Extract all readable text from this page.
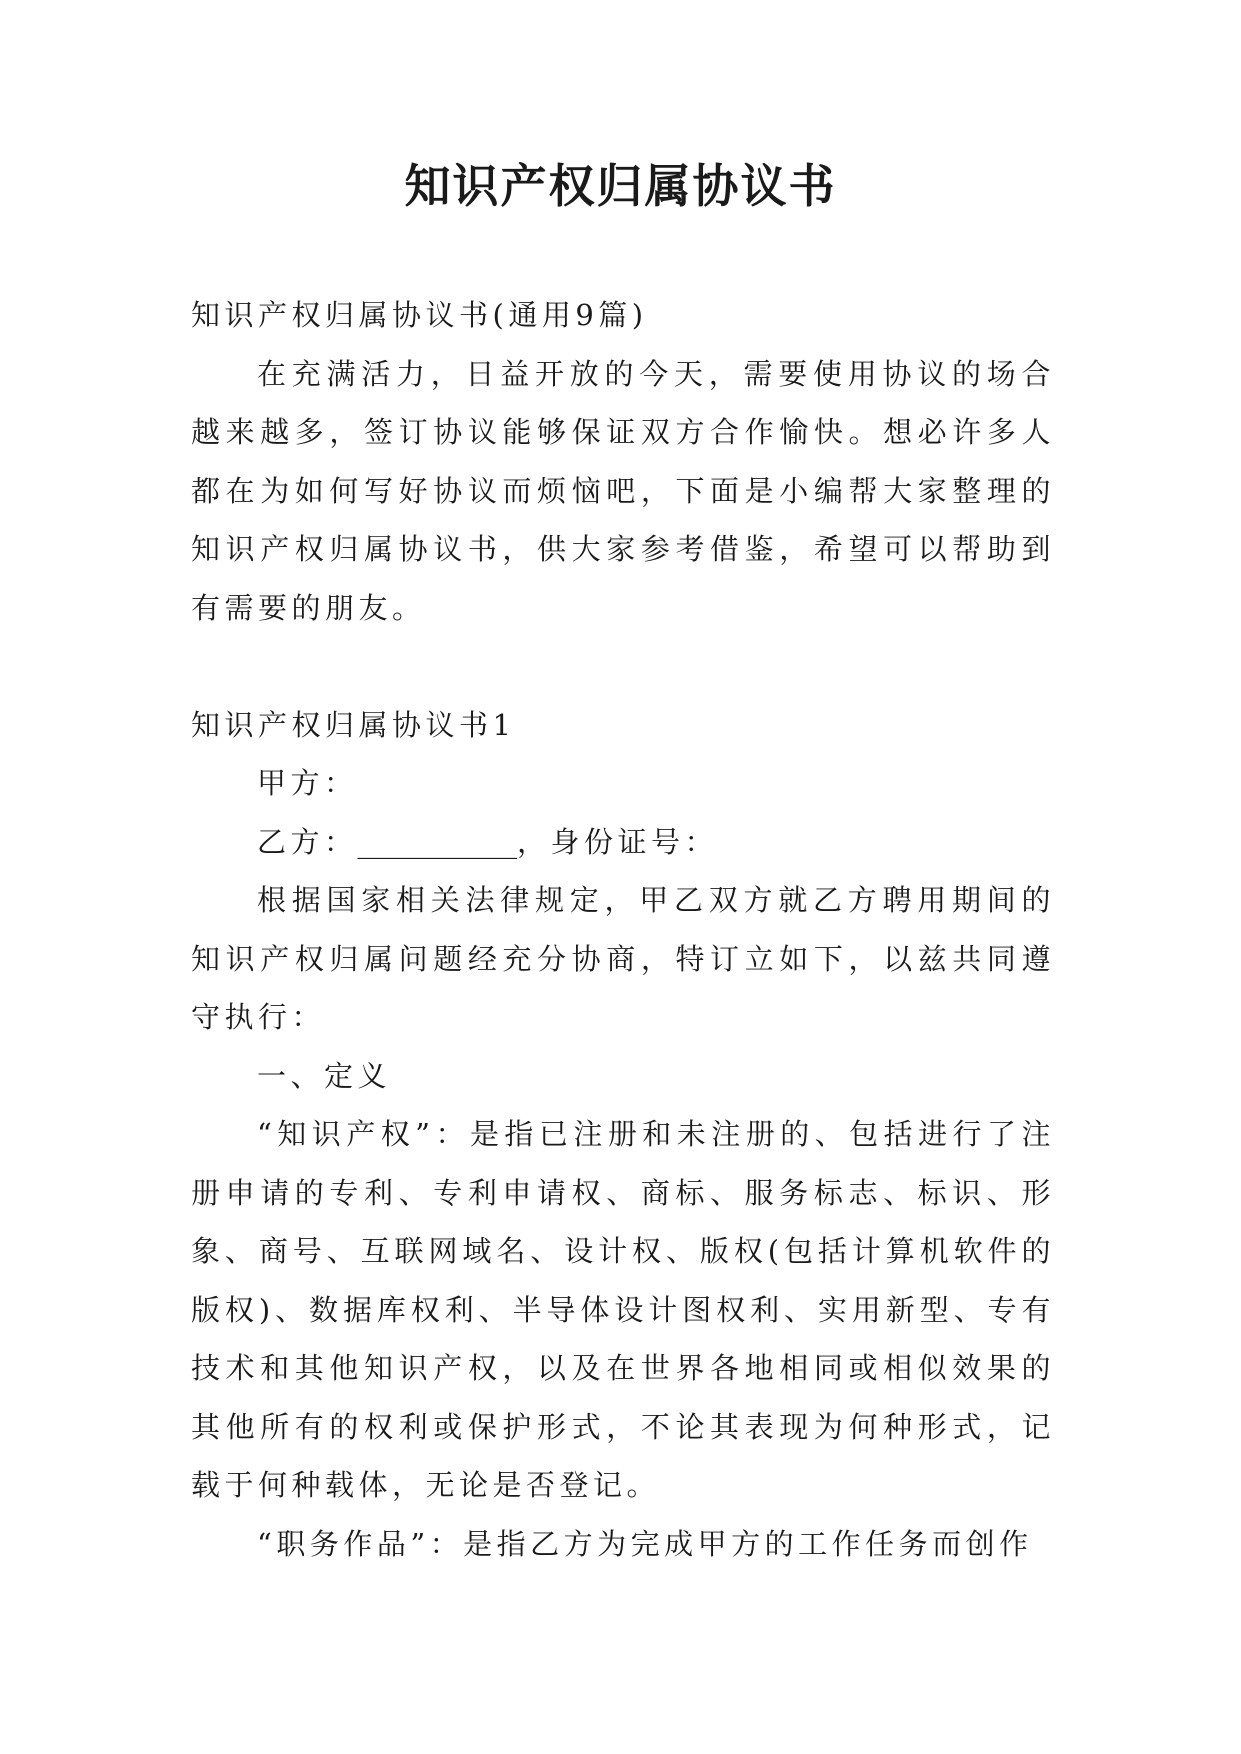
知识产权归属协议书

知识产权归属协议书(通用9篇)

在充满活力，日益开放的今天，需要使用协议的场合越来越多，签订协议能够保证双方合作愉快。想必许多人都在为如何写好协议而烦恼吧，下面是小编帮大家整理的知识产权归属协议书，供大家参考借鉴，希望可以帮助到有需要的朋友。

知识产权归属协议书1

甲方：

乙方：___________，身份证号：

根据国家相关法律规定，甲乙双方就乙方聘用期间的知识产权归属问题经充分协商，特订立如下，以兹共同遵守执行：

一、定义

“知识产权”：是指已注册和未注册的、包括进行了注册申请的专利、专利申请权、商标、服务标志、标识、形象、商号、互联网域名、设计权、版权(包括计算机软件的版权)、数据库权利、半导体设计图权利、实用新型、专有技术和其他知识产权，以及在世界各地相同或相似效果的其他所有的权利或保护形式，不论其表现为何种形式，记载于何种载体，无论是否登记。

“职务作品”：是指乙方为完成甲方的工作任务而创作
